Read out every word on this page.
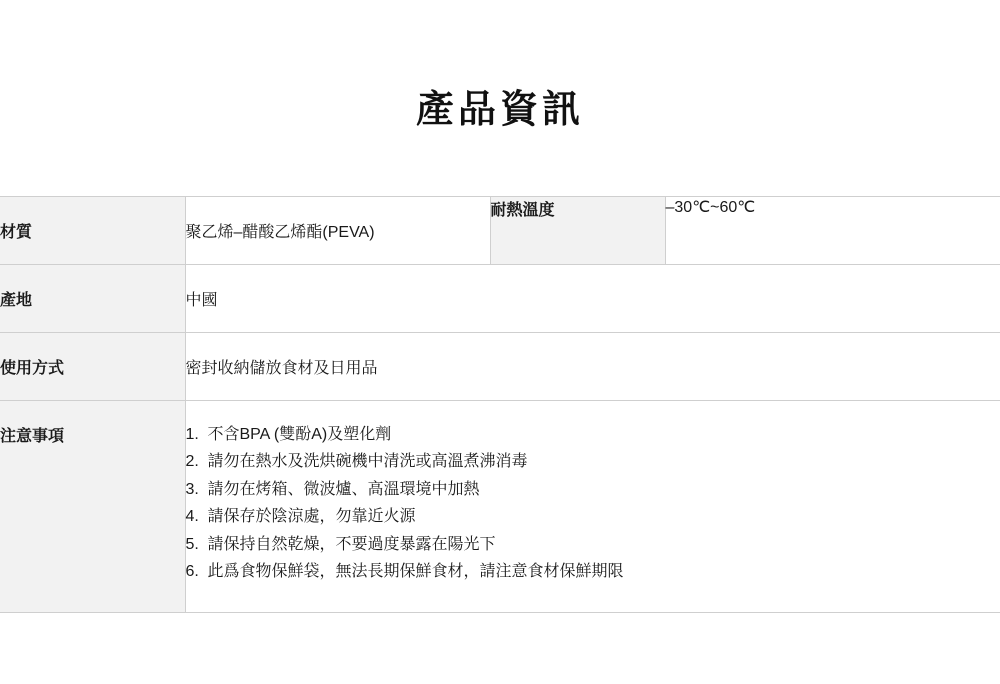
產品資訊
材質	聚乙烯–醋酸乙烯酯(PEVA)	耐熱溫度	–30℃~60℃
產地	中國		
使用方式	密封收納儲放食材及日用品		
注意事項	1. 不含BPA (雙酚A)及塑化劑
2. 請勿在熱水及洗烘碗機中清洗或高溫煮沸消毒
3. 請勿在烤箱、微波爐、高溫環境中加熱
4. 請保存於陰涼處，勿靠近火源
5. 請保持自然乾燥，不要過度暴露在陽光下
6. 此爲食物保鮮袋，無法長期保鮮食材，請注意食材保鮮期限
